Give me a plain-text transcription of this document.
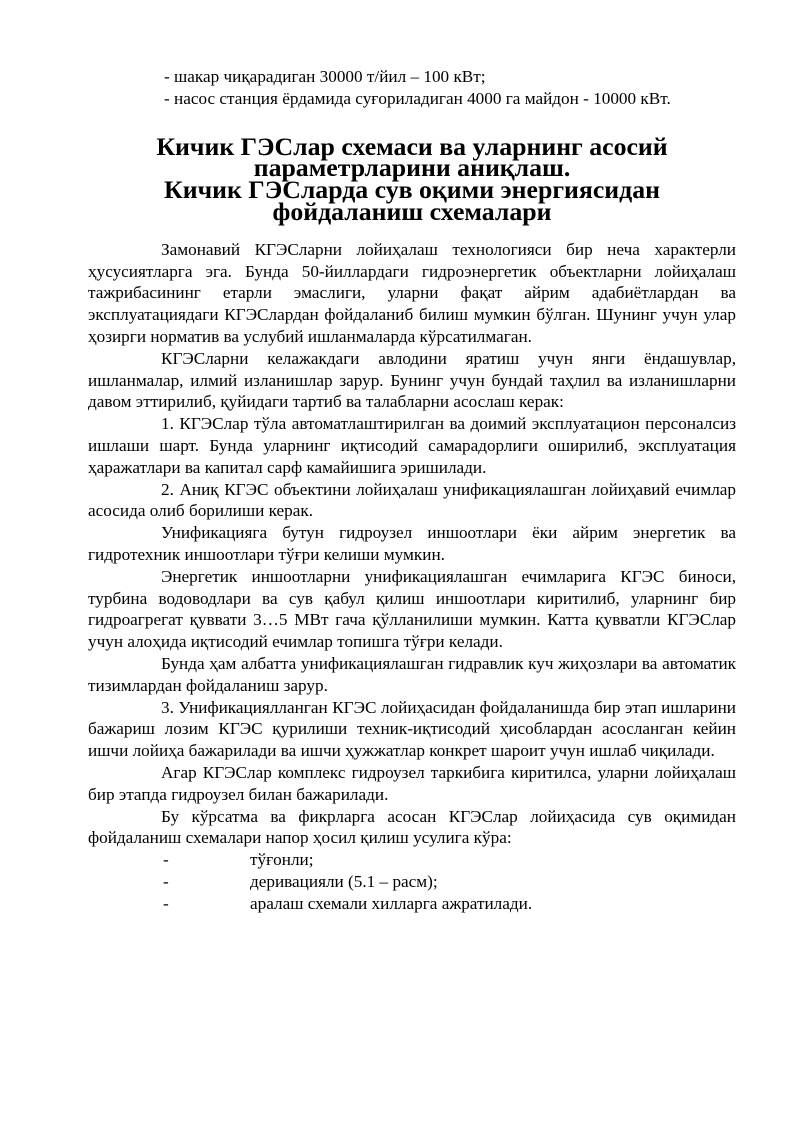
- шакар чиқарадиган 30000 т/йил – 100 кВт;

- насос станция ёрдамида суғориладиган 4000 га майдон - 10000 кВт.

Кичик ГЭСлар схемаси ва уларнинг асосий параметрларини аниқлаш.
Кичик ГЭСларда сув оқими энергиясидан фойдаланиш схемалари

Замонавий КГЭСларни лойиҳалаш технологияси бир неча характерли ҳусусиятларга эга. Бунда 50-йиллардаги гидроэнергетик объектларни лойиҳалаш тажрибасининг етарли эмаслиги, уларни фақат айрим адабиётлардан ва эксплуатациядаги КГЭСлардан фойдаланиб билиш мумкин бўлган. Шунинг учун улар ҳозирги норматив ва услубий ишланмаларда кўрсатилмаган.

КГЭСларни келажакдаги авлодини яратиш учун янги ёндашувлар, ишланмалар, илмий изланишлар зарур. Бунинг учун бундай таҳлил ва изланишларни давом эттирилиб, қуйидаги тартиб ва талабларни асослаш керак:

1. КГЭСлар тўла автоматлаштирилган ва доимий эксплуатацион персоналсиз ишлаши шарт. Бунда уларнинг иқтисодий самарадорлиги оширилиб, эксплуатация ҳаражатлари ва капитал сарф камайишига эришилади.

2. Аниқ КГЭС объектини лойиҳалаш унификациялашган лойиҳавий ечимлар асосида олиб борилиши керак.

Унификацияга бутун гидроузел иншоотлари ёки айрим энергетик ва гидротехник иншоотлари тўғри келиши мумкин.

Энергетик иншоотларни унификациялашган ечимларига КГЭС биноси, турбина водоводлари ва сув қабул қилиш иншоотлари киритилиб, уларнинг бир гидроагрегат қуввати 3…5 МВт гача қўлланилиши мумкин. Катта қувватли КГЭСлар учун алоҳида иқтисодий ечимлар топишга тўғри келади.

Бунда ҳам албатта унификациялашган гидравлик куч жиҳозлари ва автоматик тизимлардан фойдаланиш зарур.

3. Унификациялланган КГЭС лойиҳасидан фойдаланишда бир этап ишларини бажариш лозим КГЭС қурилиши техник-иқтисодий ҳисоблардан асосланган кейин ишчи лойиҳа бажарилади ва ишчи ҳужжатлар конкрет шароит учун ишлаб чиқилади.

Агар КГЭСлар комплекс гидроузел таркибига киритилса, уларни лойиҳалаш бир этапда гидроузел билан бажарилади.

Бу кўрсатма ва фикрларга асосан КГЭСлар лойиҳасида сув оқимидан фойдаланиш схемалари напор ҳосил қилиш усулига кўра:

-	тўғонли;
-	деривацияли (5.1 – расм);
-	аралаш схемали хилларга ажратилади.
